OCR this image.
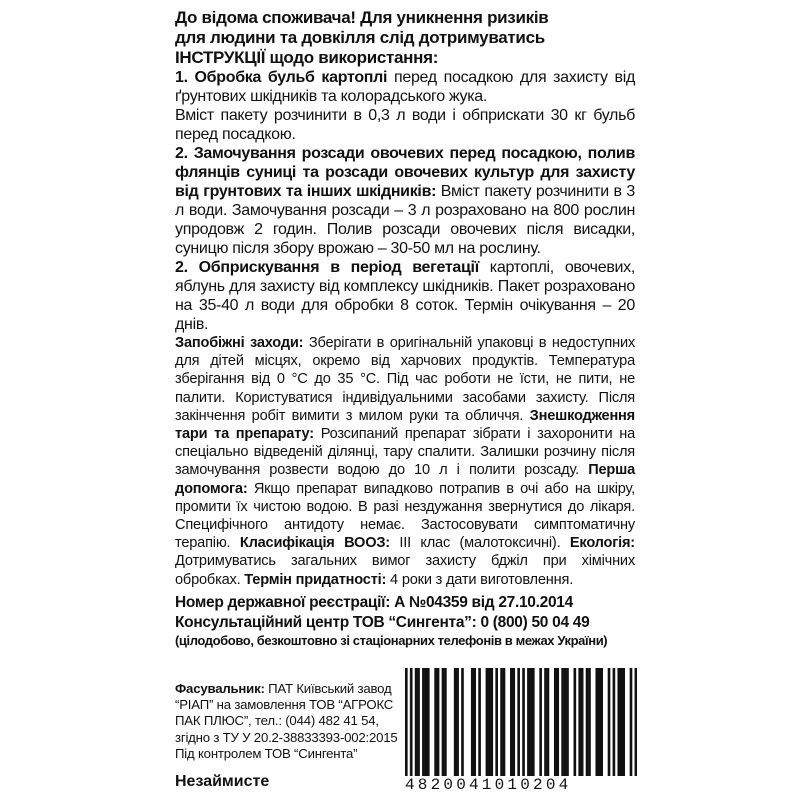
До відома споживача! Для уникнення ризиків
для людини та довкілля слід дотримуватись
ІНСТРУКЦІЇ щодо використання:
1. Обробка бульб картоплі перед посадкою для захисту від ґрунтових шкідників та колорадського жука.
Вміст пакету розчинити в 0,3 л води і обприскати 30 кг бульб перед посадкою.
2. Замочування розсади овочевих перед посадкою, полив флянців суниці та розсади овочевих культур для захисту від грунтових та інших шкідників: Вміст пакету розчинити в 3 л води. Замочування розсади – 3 л розраховано на 800 рослин упродовж 2 годин. Полив розсади овочевих після висадки, суницю після збору врожаю – 30-50 мл на рослину.
2. Обприскування в період вегетації картоплі, овочевих, яблунь для захисту від комплексу шкідників. Пакет розраховано на 35-40 л води для обробки 8 соток. Термін очікування – 20 днів.
Запобіжні заходи: Зберігати в оригінальній упаковці в недоступних для дітей місцях, окремо від харчових продуктів. Температура зберігання від 0 °С до 35 °С. Під час роботи не їсти, не пити, не палити. Користуватися індивідуальними засобами захисту. Після закінчення робіт вимити з милом руки та обличчя. Знешкодження тари та препарату: Розсипаний препарат зібрати і захоронити на спеціально відведеній ділянці, тару спалити. Залишки розчину після замочування розвести водою до 10 л і полити розсаду. Перша допомога: Якщо препарат випадково потрапив в очі або на шкіру, промити їх чистою водою. В разі нездужання звернутися до лікаря. Специфічного антидоту немає. Застосовувати симптоматичну терапію. Класифікація ВООЗ: III клас (малотоксичні). Екологія: Дотримуватись загальних вимог захисту бджіл при хімічних обробках. Термін придатності: 4 роки з дати виготовлення.
Номер державної реєстрації: А №04359 від 27.10.2014
Консультаційний центр ТОВ “Сингента”: 0 (800) 50 04 49
(цілодобово, безкоштовно зі стаціонарних телефонів в межах України)
Фасувальник: ПАТ Київський завод “РІАП” на замовлення ТОВ “АГРОКС ПАК ПЛЮС”, тел.: (044) 482 41 54, згідно з ТУ У 20.2-38833393-002:2015 Під контролем ТОВ “Сингента”
Незаймисте	4820041010204
